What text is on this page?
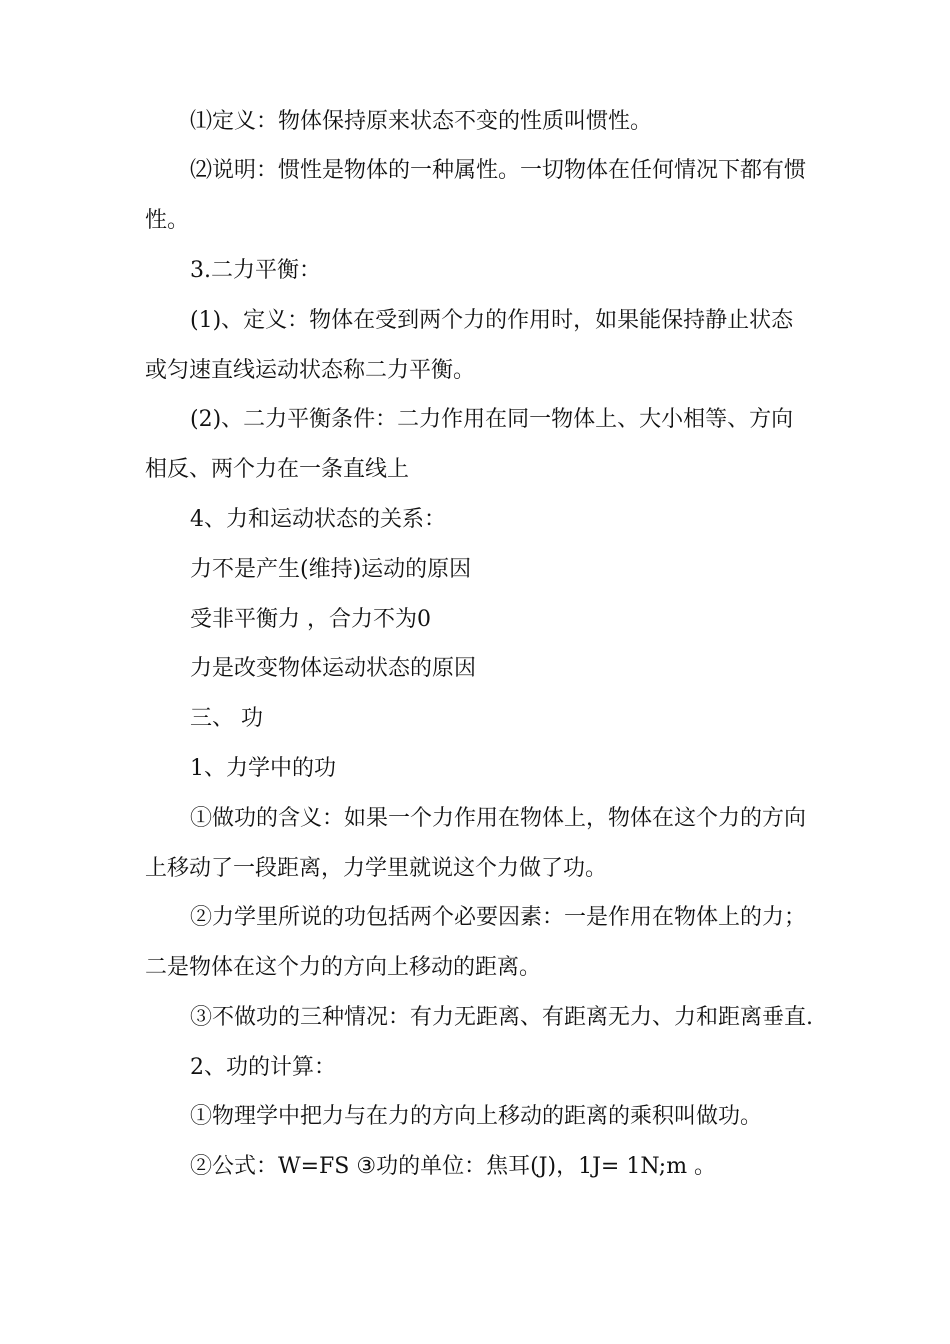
⑴定义：物体保持原来状态不变的性质叫惯性。
⑵说明：惯性是物体的一种属性。一切物体在任何情况下都有惯
性。
3.二力平衡：
(1)、定义：物体在受到两个力的作用时，如果能保持静止状态
或匀速直线运动状态称二力平衡。
(2)、二力平衡条件：二力作用在同一物体上、大小相等、方向
相反、两个力在一条直线上
4、力和运动状态的关系：
力不是产生(维持)运动的原因
受非平衡力 ，合力不为0
力是改变物体运动状态的原因
三、 功
1、力学中的功
①做功的含义：如果一个力作用在物体上，物体在这个力的方向
上移动了一段距离，力学里就说这个力做了功。
②力学里所说的功包括两个必要因素：一是作用在物体上的力；
二是物体在这个力的方向上移动的距离。
③不做功的三种情况：有力无距离、有距离无力、力和距离垂直.
2、功的计算：
①物理学中把力与在力的方向上移动的距离的乘积叫做功。
②公式：W=FS ③功的单位：焦耳(J)，1J= 1N;m 。
